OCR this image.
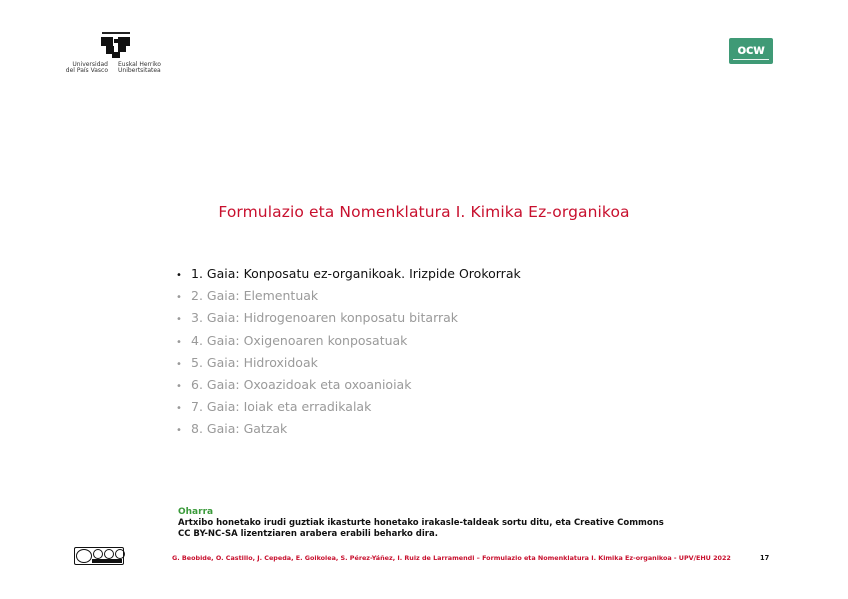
Universidad
del País Vasco
Euskal Herriko
Unibertsitatea
ocw
Formulazio eta Nomenklatura I. Kimika Ez-organikoa
• 1. Gaia: Konposatu ez-organikoak. Irizpide Orokorrak
• 2. Gaia: Elementuak
• 3. Gaia: Hidrogenoaren konposatu bitarrak
• 4. Gaia: Oxigenoaren konposatuak
• 5. Gaia: Hidroxidoak
• 6. Gaia: Oxoazidoak eta oxoanioiak
• 7. Gaia: Ioiak eta erradikalak
• 8. Gaia: Gatzak
Oharra
Artxibo honetako irudi guztiak ikasturte honetako irakasle-taldeak sortu ditu, eta Creative Commons
CC BY-NC-SA lizentziaren arabera erabili beharko dira.
G. Beobide, O. Castillo, J. Cepeda, E. Goikolea, S. Pérez-Yáñez, I. Ruiz de Larramendi – Formulazio eta Nomenklatura I. Kimika Ez-organikoa - UPV/EHU 2022	17
